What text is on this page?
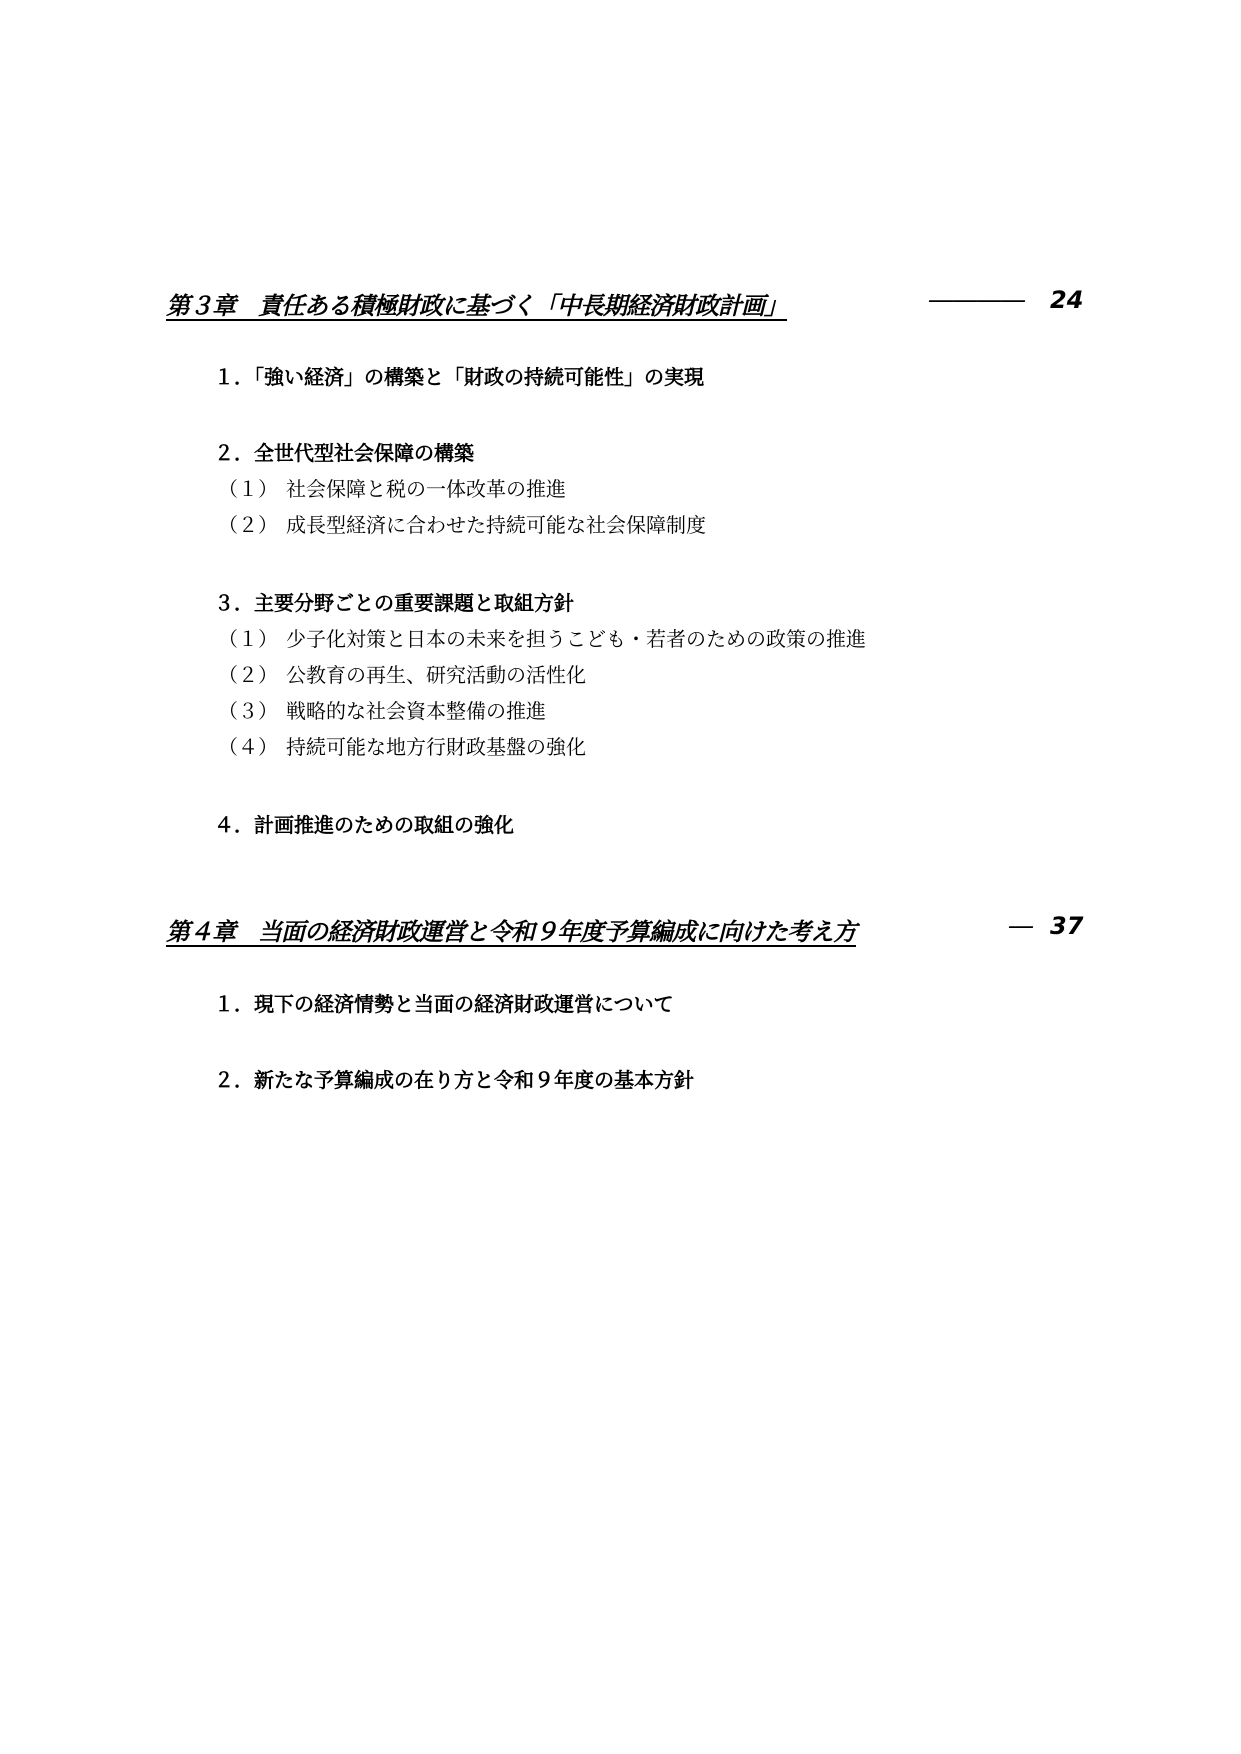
第３章　責任ある積極財政に基づく「中長期経済財政計画」	―――― 24
１．「強い経済」の構築と「財政の持続可能性」の実現
２．全世代型社会保障の構築
（１） 社会保障と税の一体改革の推進
（２） 成長型経済に合わせた持続可能な社会保障制度
３．主要分野ごとの重要課題と取組方針
（１） 少子化対策と日本の未来を担うこども・若者のための政策の推進
（２） 公教育の再生、研究活動の活性化
（３） 戦略的な社会資本整備の推進
（４） 持続可能な地方行財政基盤の強化
４．計画推進のための取組の強化
第４章　当面の経済財政運営と令和９年度予算編成に向けた考え方	― 37
１．現下の経済情勢と当面の経済財政運営について
２．新たな予算編成の在り方と令和９年度の基本方針
